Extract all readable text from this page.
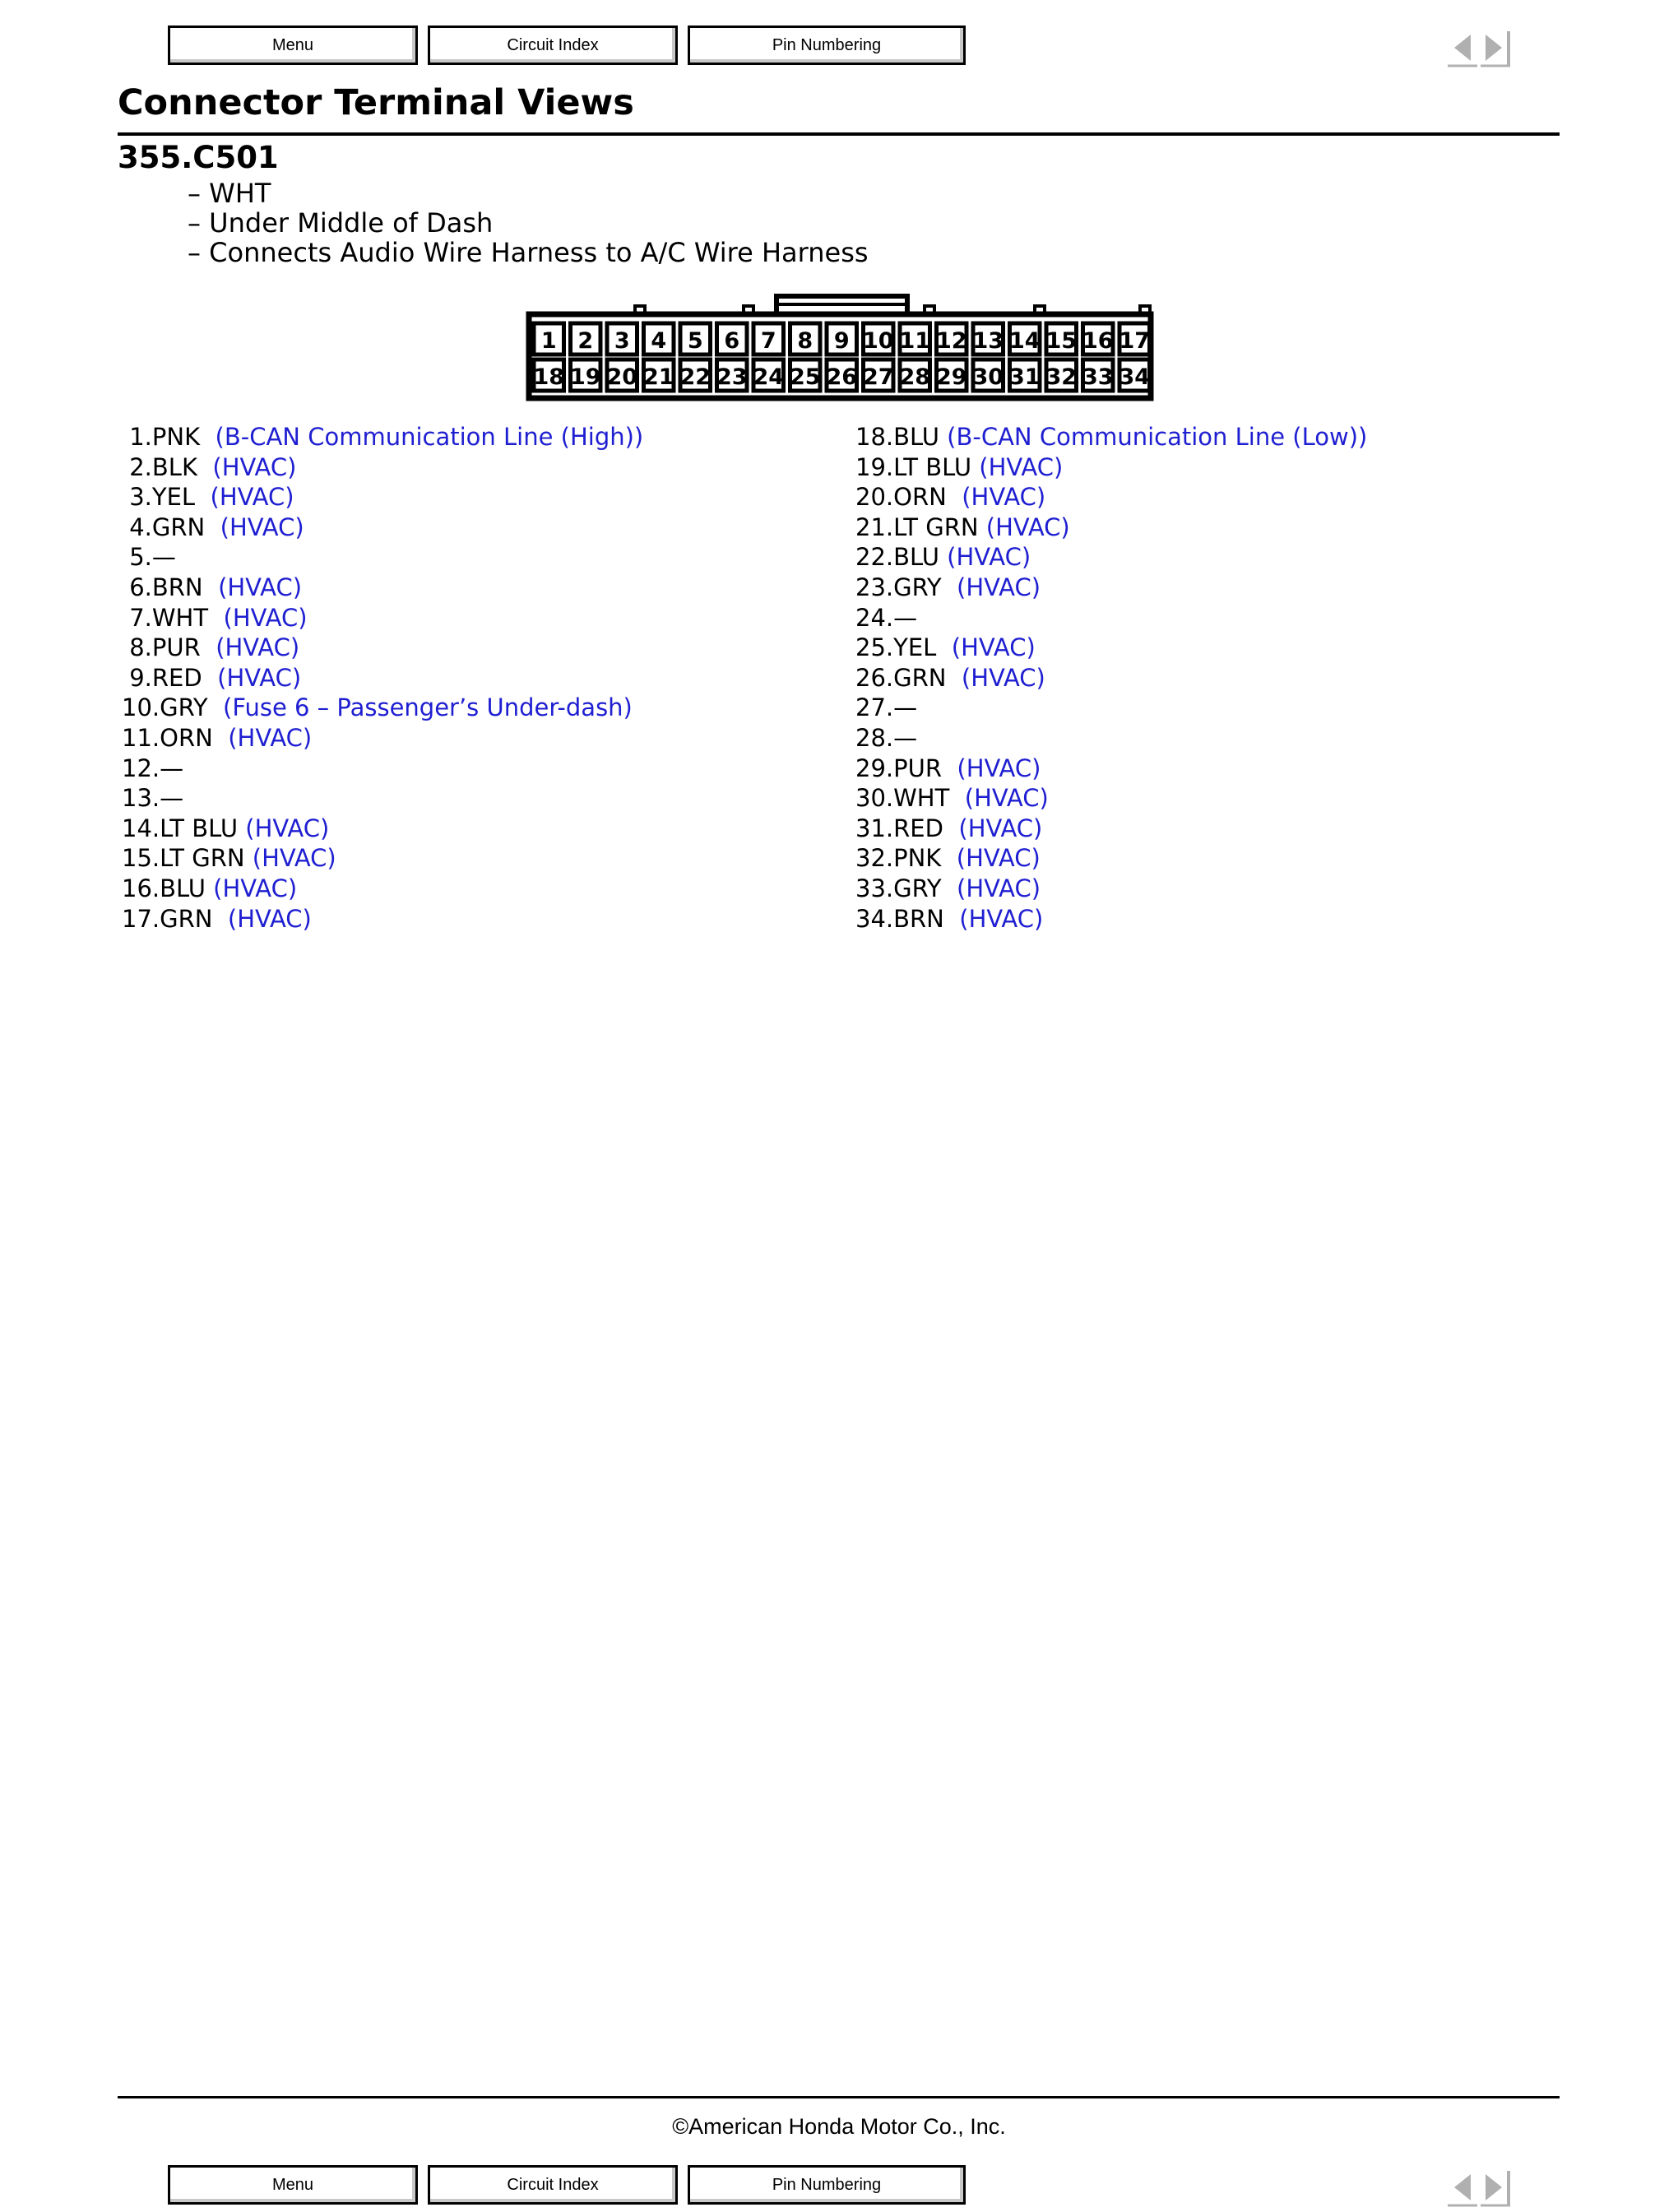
Menu	Circuit Index	Pin Numbering
Connector Terminal Views
355.C501
– WHT
– Under Middle of Dash
– Connects Audio Wire Harness to A/C Wire Harness
1 2 3 4 5 6 7 8 9 10 11 12 13 14 15 16 17
18 19 20 21 22 23 24 25 26 27 28 29 30 31 32 33 34
1.PNK  (B-CAN Communication Line (High))
2.BLK  (HVAC)
3.YEL  (HVAC)
4.GRN  (HVAC)
5.—
6.BRN  (HVAC)
7.WHT  (HVAC)
8.PUR  (HVAC)
9.RED  (HVAC)
10.GRY  (Fuse 6 – Passenger’s Under-dash)
11.ORN  (HVAC)
12.—
13.—
14.LT BLU (HVAC)
15.LT GRN (HVAC)
16.BLU (HVAC)
17.GRN  (HVAC)
18.BLU (B-CAN Communication Line (Low))
19.LT BLU (HVAC)
20.ORN  (HVAC)
21.LT GRN (HVAC)
22.BLU (HVAC)
23.GRY  (HVAC)
24.—
25.YEL  (HVAC)
26.GRN  (HVAC)
27.—
28.—
29.PUR  (HVAC)
30.WHT  (HVAC)
31.RED  (HVAC)
32.PNK  (HVAC)
33.GRY  (HVAC)
34.BRN  (HVAC)
©American Honda Motor Co., Inc.
Menu	Circuit Index	Pin Numbering
